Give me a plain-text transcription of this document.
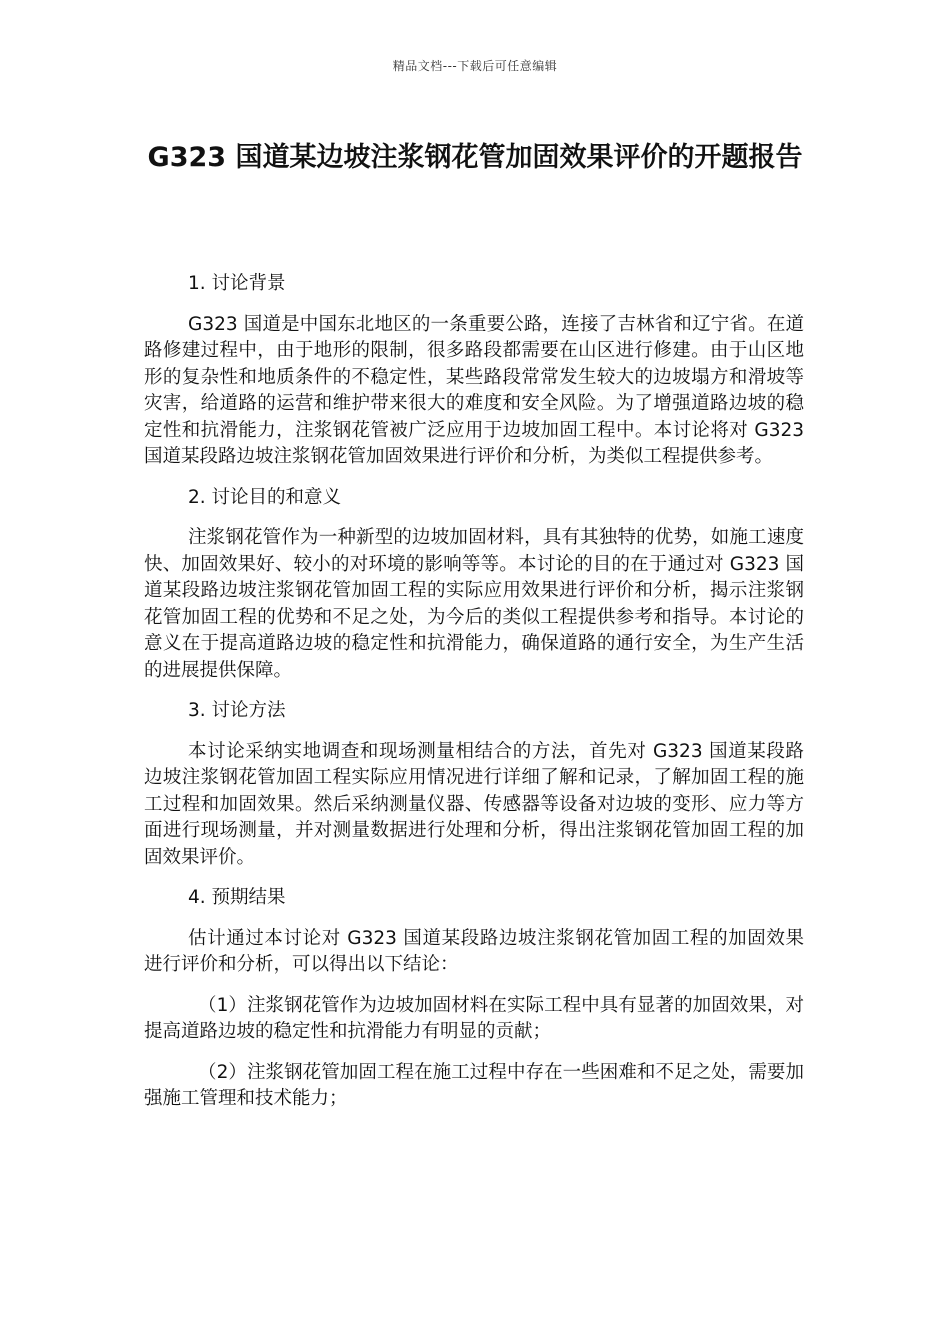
精品文档---下载后可任意编辑
G323 国道某边坡注浆钢花管加固效果评价的开题报告
1. 讨论背景
G323 国道是中国东北地区的一条重要公路，连接了吉林省和辽宁省。在道路修建过程中，由于地形的限制，很多路段都需要在山区进行修建。由于山区地形的复杂性和地质条件的不稳定性，某些路段常常发生较大的边坡塌方和滑坡等灾害，给道路的运营和维护带来很大的难度和安全风险。为了增强道路边坡的稳定性和抗滑能力，注浆钢花管被广泛应用于边坡加固工程中。本讨论将对 G323 国道某段路边坡注浆钢花管加固效果进行评价和分析，为类似工程提供参考。
2. 讨论目的和意义
注浆钢花管作为一种新型的边坡加固材料，具有其独特的优势，如施工速度快、加固效果好、较小的对环境的影响等等。本讨论的目的在于通过对 G323 国道某段路边坡注浆钢花管加固工程的实际应用效果进行评价和分析，揭示注浆钢花管加固工程的优势和不足之处，为今后的类似工程提供参考和指导。本讨论的意义在于提高道路边坡的稳定性和抗滑能力，确保道路的通行安全，为生产生活的进展提供保障。
3. 讨论方法
本讨论采纳实地调查和现场测量相结合的方法，首先对 G323 国道某段路边坡注浆钢花管加固工程实际应用情况进行详细了解和记录，了解加固工程的施工过程和加固效果。然后采纳测量仪器、传感器等设备对边坡的变形、应力等方面进行现场测量，并对测量数据进行处理和分析，得出注浆钢花管加固工程的加固效果评价。
4. 预期结果
估计通过本讨论对 G323 国道某段路边坡注浆钢花管加固工程的加固效果进行评价和分析，可以得出以下结论：
（1）注浆钢花管作为边坡加固材料在实际工程中具有显著的加固效果，对提高道路边坡的稳定性和抗滑能力有明显的贡献；
（2）注浆钢花管加固工程在施工过程中存在一些困难和不足之处，需要加强施工管理和技术能力；
